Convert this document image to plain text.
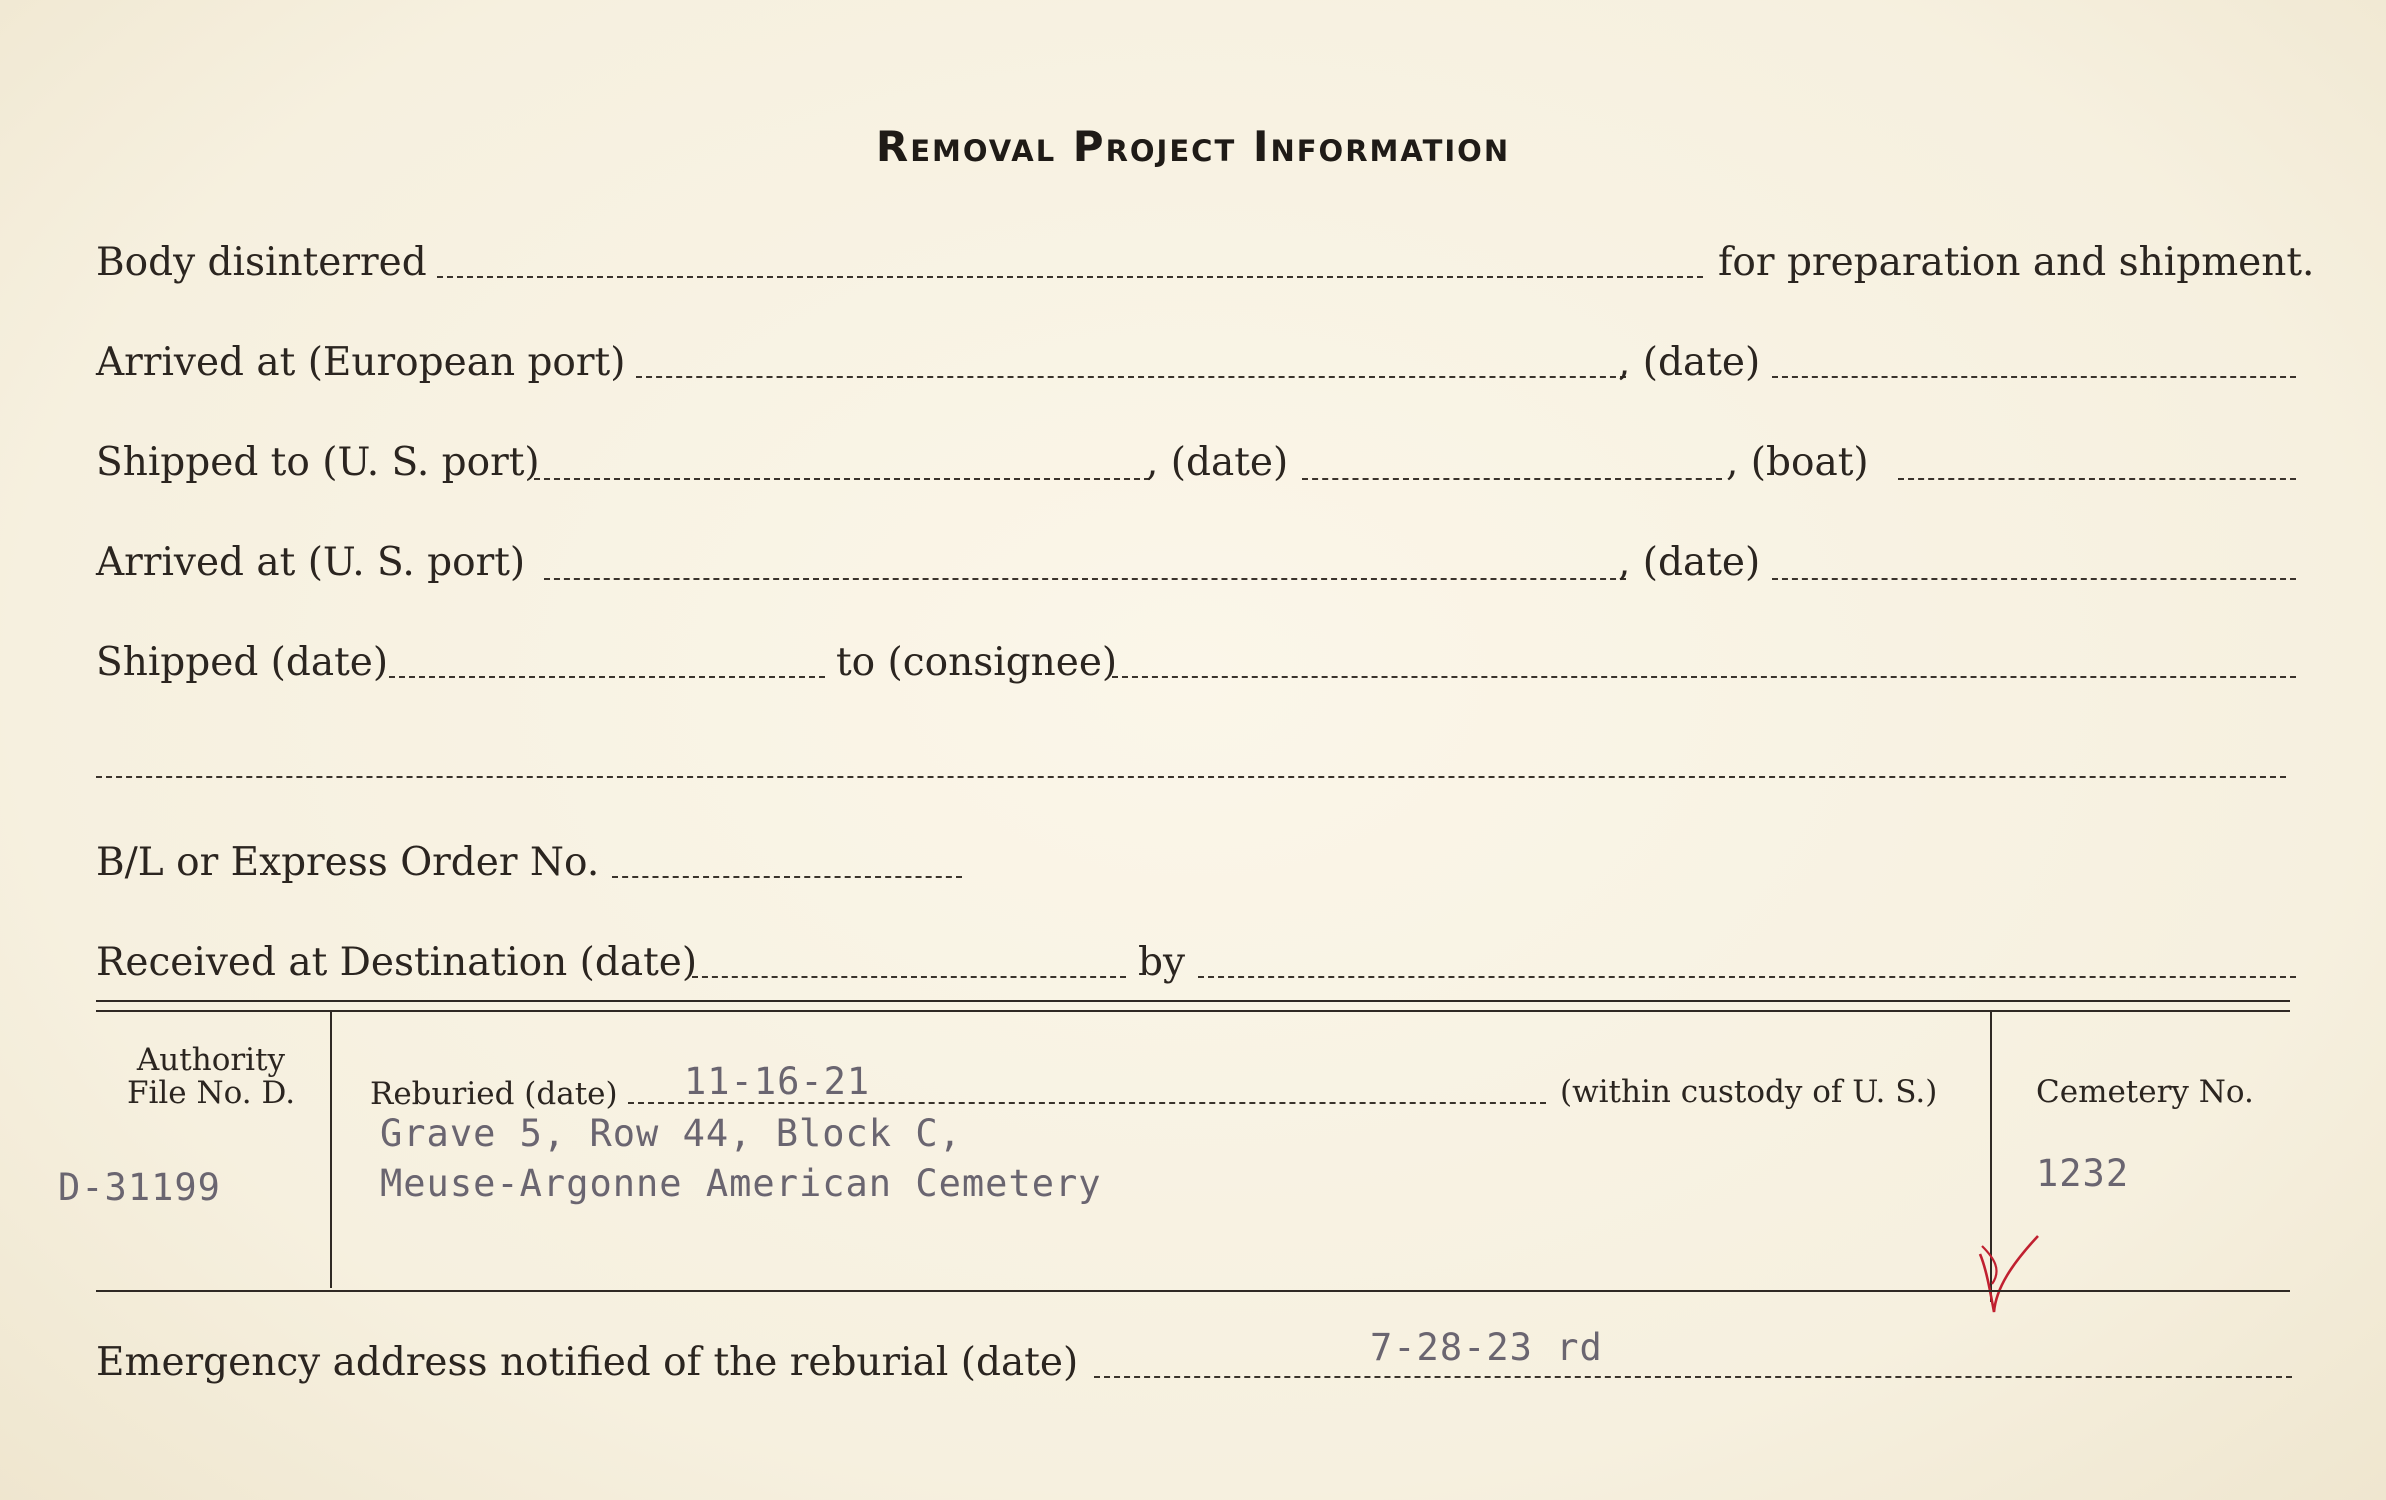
Removal Project Information
Body disinterred	for preparation and shipment.
Arrived at (European port)	, (date)
Shipped to (U. S. port)	, (date)	, (boat)
Arrived at (U. S. port)	, (date)
Shipped (date)	to (consignee)
B/L or Express Order No.
Received at Destination (date)	by
Authority
File No. D.
D-31199
Reburied (date) 11-16-21	(within custody of U. S.)
Grave 5, Row 44, Block C,
Meuse-Argonne American Cemetery
Cemetery No.
1232
Emergency address notified of the reburial (date)	7-28-23 rd
